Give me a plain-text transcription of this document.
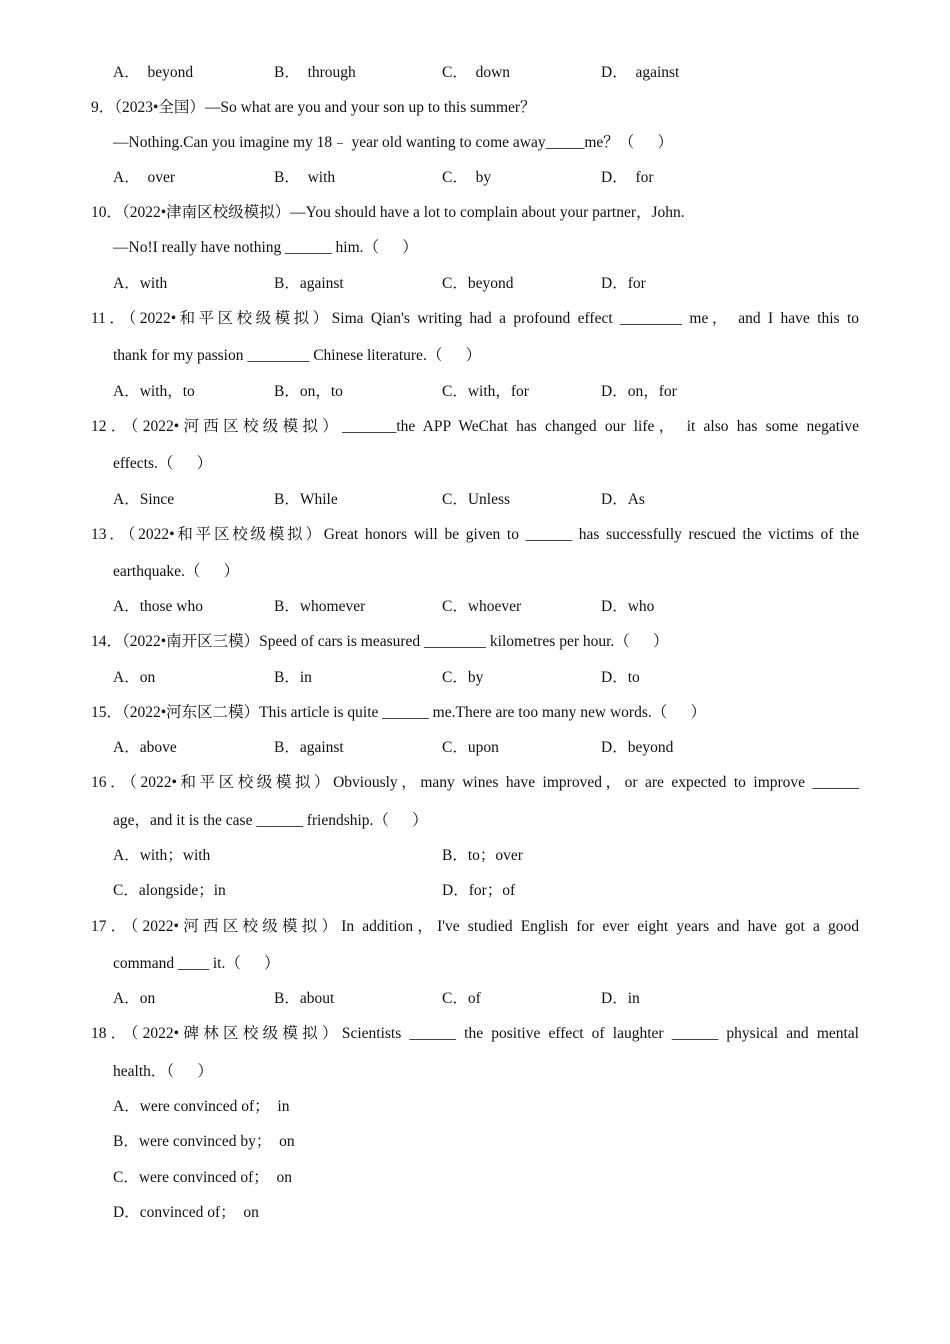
A．  beyond	B．  through	C．  down	D．  against
9．（2023•全国）—So what are you and your son up to this summer？
—Nothing.Can you imagine my 18﹣ year old wanting to come away_____me？（      ）
A．  over	B．  with	C．  by	D．  for
10．（2022•津南区校级模拟）—You should have a lot to complain about your partner，John.
—No!I really have nothing ______ him.（      ）
A．with	B．against	C．beyond	D．for
11．（2022•和平区校级模拟）Sima Qian's writing had a profound effect ________ me， and I have this to
thank for my passion ________ Chinese literature.（      ）
A．with，to	B．on，to	C．with，for	D．on，for
12．（2022•河西区校级模拟）_______the APP WeChat has changed our life， it also has some negative
effects.（      ）
A．Since	B．While	C．Unless	D．As
13．（2022•和平区校级模拟）Great honors will be given to ______ has successfully rescued the victims of the
earthquake.（      ）
A．those who	B．whomever	C．whoever	D．who
14．（2022•南开区三模）Speed of cars is measured ________ kilometres per hour.（      ）
A．on	B．in	C．by	D．to
15．（2022•河东区二模）This article is quite ______ me.There are too many new words.（      ）
A．above	B．against	C．upon	D．beyond
16．（2022•和平区校级模拟）Obviously，many wines have improved，or are expected to improve ______
age，and it is the case ______ friendship.（      ）
A．with；with	B．to；over
C．alongside；in	D．for；of
17．（2022•河西区校级模拟）In addition，I've studied English for ever eight years and have got a good
command ____ it.（      ）
A．on	B．about	C．of	D．in
18．（2022•碑林区校级模拟）Scientists ______ the positive effect of laughter ______ physical and mental
health．（      ）
A．were convinced of；  in
B．were convinced by；  on
C．were convinced of；  on
D．convinced of；  on
